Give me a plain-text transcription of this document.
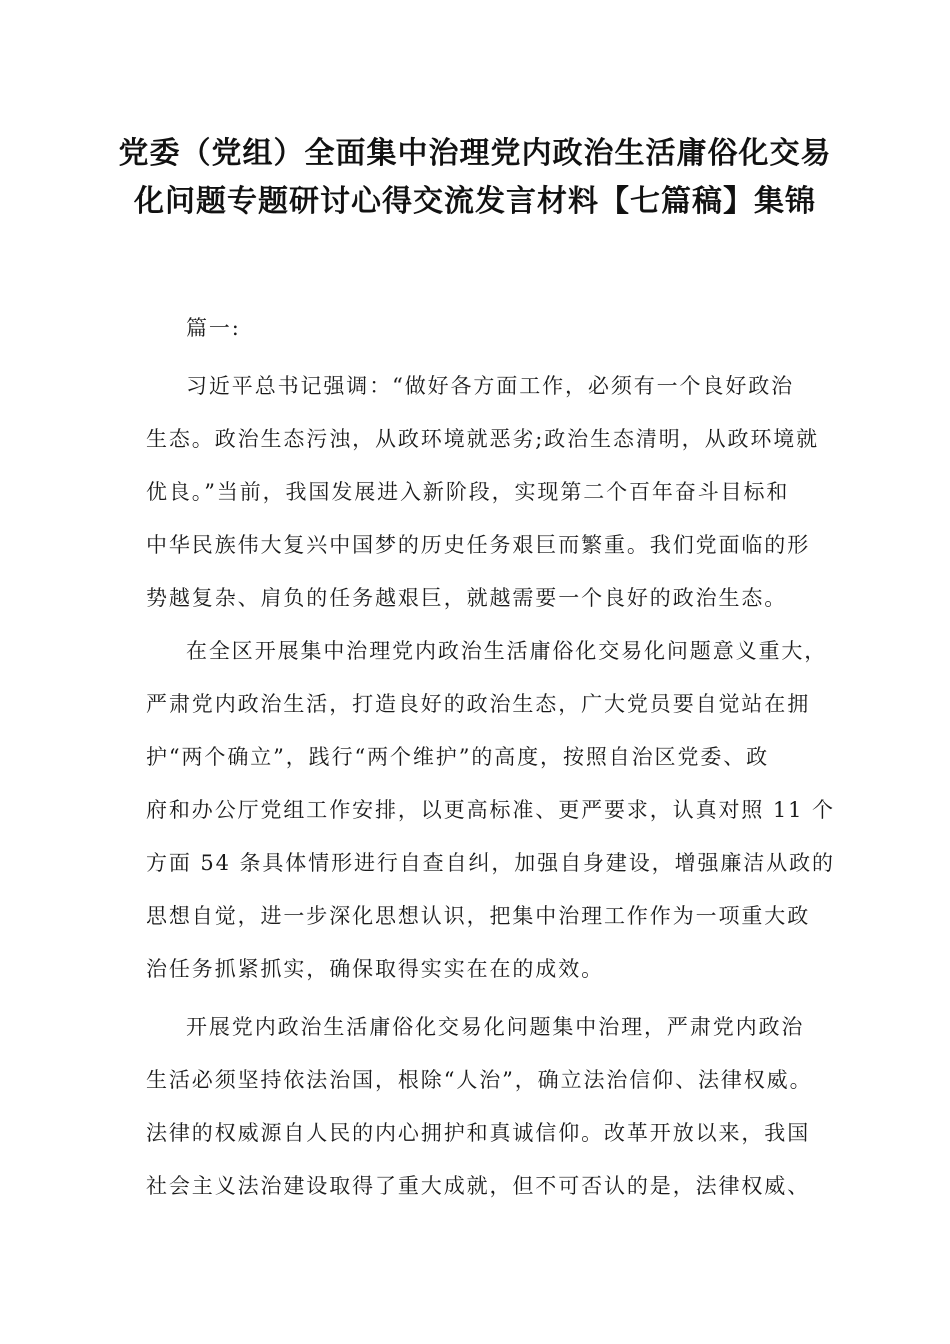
党委（党组）全面集中治理党内政治生活庸俗化交易
化问题专题研讨心得交流发言材料【七篇稿】集锦
篇一:
习近平总书记强调：“做好各方面工作，必须有一个良好政治
生态。政治生态污浊，从政环境就恶劣;政治生态清明，从政环境就
优良。”当前，我国发展进入新阶段，实现第二个百年奋斗目标和
中华民族伟大复兴中国梦的历史任务艰巨而繁重。我们党面临的形
势越复杂、肩负的任务越艰巨，就越需要一个良好的政治生态。
在全区开展集中治理党内政治生活庸俗化交易化问题意义重大，
严肃党内政治生活，打造良好的政治生态，广大党员要自觉站在拥
护“两个确立”，践行“两个维护”的高度，按照自治区党委、政
府和办公厅党组工作安排，以更高标准、更严要求，认真对照 11 个
方面 54 条具体情形进行自查自纠，加强自身建设，增强廉洁从政的
思想自觉，进一步深化思想认识，把集中治理工作作为一项重大政
治任务抓紧抓实，确保取得实实在在的成效。
开展党内政治生活庸俗化交易化问题集中治理，严肃党内政治
生活必须坚持依法治国，根除“人治”，确立法治信仰、法律权威。
法律的权威源自人民的内心拥护和真诚信仰。改革开放以来，我国
社会主义法治建设取得了重大成就，但不可否认的是，法律权威、
